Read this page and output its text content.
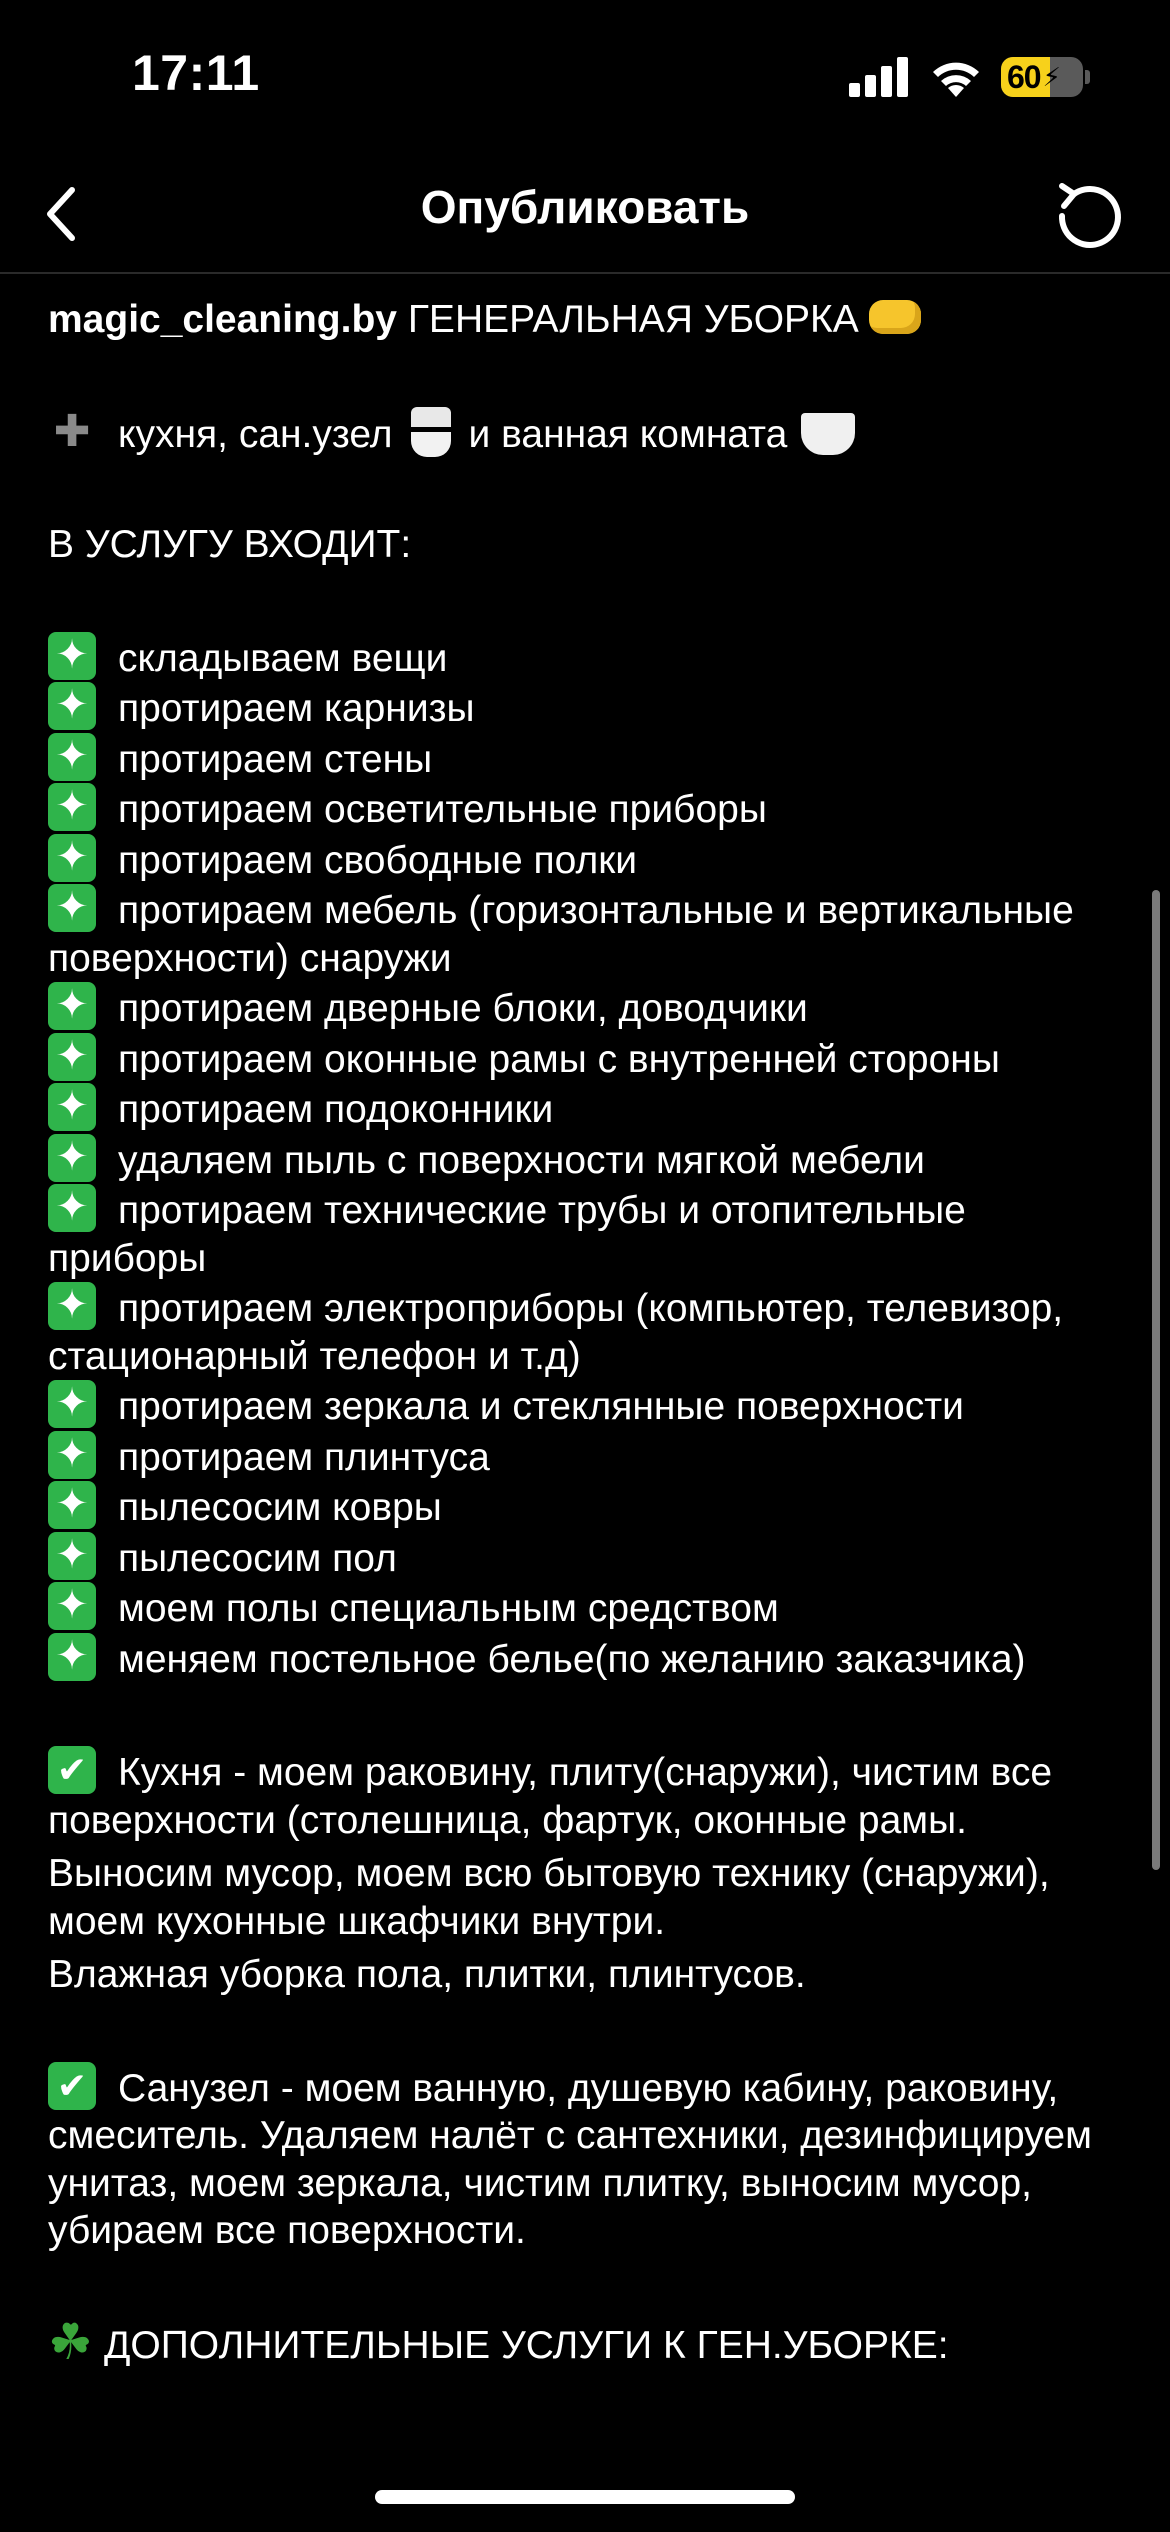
17:11	60 ⚡
Опубликовать
magic_cleaning.by ГЕНЕРАЛЬНАЯ УБОРКА
✚кухня, сан.узел и ванная комната
В УСЛУГУ ВХОДИТ:
✦складываем вещи
✦протираем карнизы
✦протираем стены
✦протираем осветительные приборы
✦протираем свободные полки
✦протираем мебель (горизонтальные и вертикальные поверхности) снаружи
✦протираем дверные блоки, доводчики
✦протираем оконные рамы с внутренней стороны
✦протираем подоконники
✦удаляем пыль с поверхности мягкой мебели
✦протираем технические трубы и отопительные приборы
✦протираем электроприборы (компьютер, телевизор, стационарный телефон и т.д)
✦протираем зеркала и стеклянные поверхности
✦протираем плинтуса
✦пылесосим ковры
✦пылесосим пол
✦моем полы специальным средством
✦меняем постельное белье(по желанию заказчика)
✔Кухня - моем раковину, плиту(снаружи), чистим все поверхности (столешница, фартук, оконные рамы.
Выносим мусор, моем всю бытовую технику (снаружи), моем кухонные шкафчики внутри.
Влажная уборка пола, плитки, плинтусов.
✔Санузел - моем ванную, душевую кабину, раковину, смеситель. Удаляем налёт с сантехники, дезинфицируем унитаз, моем зеркала, чистим плитку, выносим мусор, убираем все поверхности.
☘ДОПОЛНИТЕЛЬНЫЕ УСЛУГИ К ГЕН.УБОРКЕ:
